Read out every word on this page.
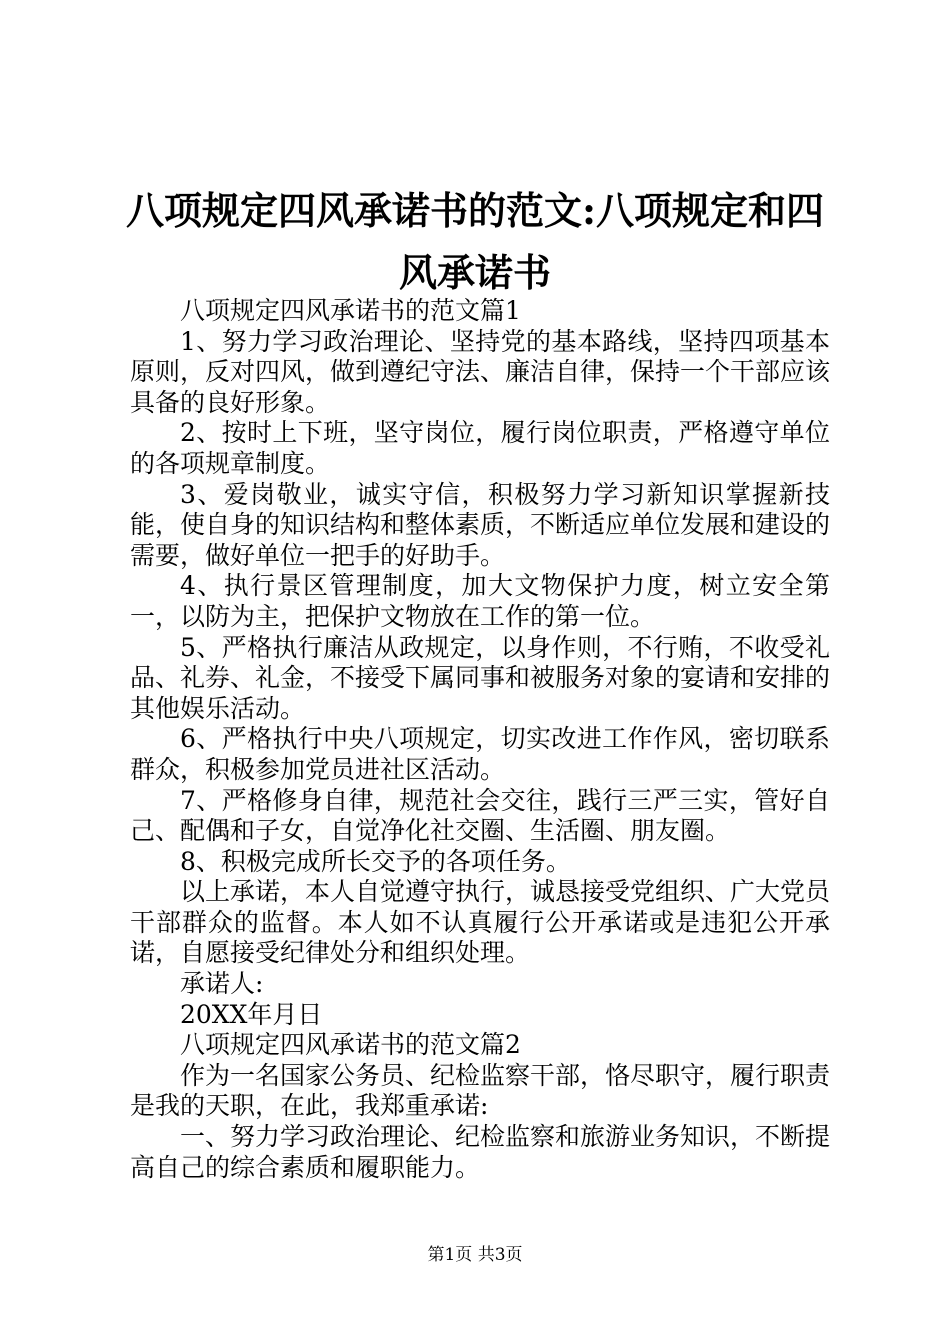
八项规定四风承诺书的范文:八项规定和四风承诺书

八项规定四风承诺书的范文篇1

1、努力学习政治理论、坚持党的基本路线，坚持四项基本原则，反对四风，做到遵纪守法、廉洁自律，保持一个干部应该具备的良好形象。

2、按时上下班，坚守岗位，履行岗位职责，严格遵守单位的各项规章制度。

3、爱岗敬业，诚实守信，积极努力学习新知识掌握新技能，使自身的知识结构和整体素质，不断适应单位发展和建设的需要，做好单位一把手的好助手。

4、执行景区管理制度，加大文物保护力度，树立安全第一，以防为主，把保护文物放在工作的第一位。

5、严格执行廉洁从政规定，以身作则，不行贿，不收受礼品、礼券、礼金，不接受下属同事和被服务对象的宴请和安排的其他娱乐活动。

6、严格执行中央八项规定，切实改进工作作风，密切联系群众，积极参加党员进社区活动。

7、严格修身自律，规范社会交往，践行三严三实，管好自己、配偶和子女，自觉净化社交圈、生活圈、朋友圈。

8、积极完成所长交予的各项任务。

以上承诺，本人自觉遵守执行，诚恳接受党组织、广大党员干部群众的监督。本人如不认真履行公开承诺或是违犯公开承诺，自愿接受纪律处分和组织处理。

承诺人:

20XX年月日

八项规定四风承诺书的范文篇2

作为一名国家公务员、纪检监察干部，恪尽职守，履行职责是我的天职，在此，我郑重承诺:

一、努力学习政治理论、纪检监察和旅游业务知识，不断提高自己的综合素质和履职能力。

第1页 共3页
